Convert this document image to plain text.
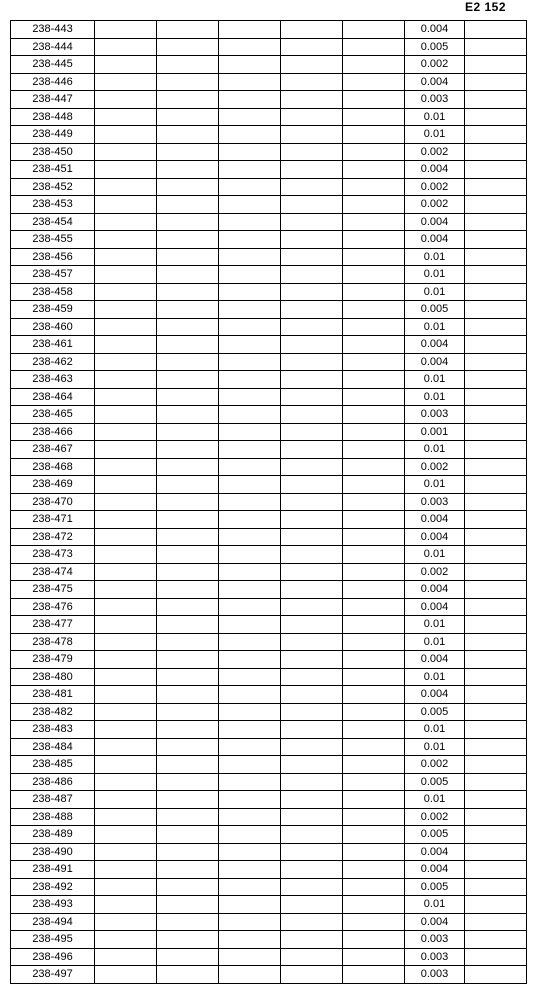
E2 152
238-443						0.004	
238-444						0.005	
238-445						0.002	
238-446						0.004	
238-447						0.003	
238-448						0.01	
238-449						0.01	
238-450						0.002	
238-451						0.004	
238-452						0.002	
238-453						0.002	
238-454						0.004	
238-455						0.004	
238-456						0.01	
238-457						0.01	
238-458						0.01	
238-459						0.005	
238-460						0.01	
238-461						0.004	
238-462						0.004	
238-463						0.01	
238-464						0.01	
238-465						0.003	
238-466						0.001	
238-467						0.01	
238-468						0.002	
238-469						0.01	
238-470						0.003	
238-471						0.004	
238-472						0.004	
238-473						0.01	
238-474						0.002	
238-475						0.004	
238-476						0.004	
238-477						0.01	
238-478						0.01	
238-479						0.004	
238-480						0.01	
238-481						0.004	
238-482						0.005	
238-483						0.01	
238-484						0.01	
238-485						0.002	
238-486						0.005	
238-487						0.01	
238-488						0.002	
238-489						0.005	
238-490						0.004	
238-491						0.004	
238-492						0.005	
238-493						0.01	
238-494						0.004	
238-495						0.003	
238-496						0.003	
238-497						0.003	
